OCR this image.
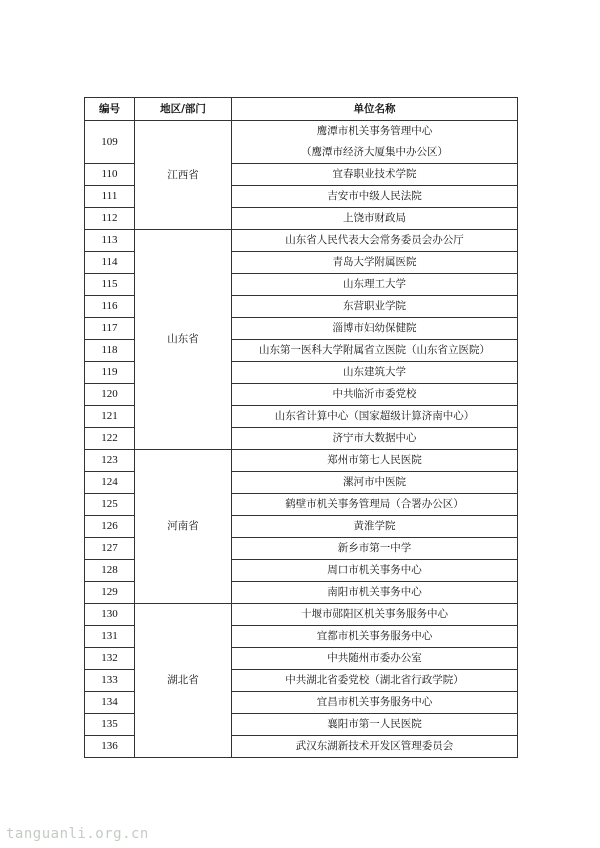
编号	地区/部门	单位名称
109	江西省	鹰潭市机关事务管理中心
（鹰潭市经济大厦集中办公区）

110		宜春职业技术学院
111		吉安市中级人民法院
112		上饶市财政局
113	山东省	山东省人民代表大会常务委员会办公厅
114		青岛大学附属医院
115		山东理工大学
116		东营职业学院
117		淄博市妇幼保健院
118		山东第一医科大学附属省立医院（山东省立医院）
119		山东建筑大学
120		中共临沂市委党校
121		山东省计算中心（国家超级计算济南中心）
122		济宁市大数据中心
123	河南省	郑州市第七人民医院
124		漯河市中医院
125		鹤壁市机关事务管理局（合署办公区）
126		黄淮学院
127		新乡市第一中学
128		周口市机关事务中心
129		南阳市机关事务中心
130	湖北省	十堰市郧阳区机关事务服务中心
131		宜都市机关事务服务中心
132		中共随州市委办公室
133		中共湖北省委党校（湖北省行政学院）
134		宜昌市机关事务服务中心
135		襄阳市第一人民医院
136		武汉东湖新技术开发区管理委员会
tanguanli.org.cn
